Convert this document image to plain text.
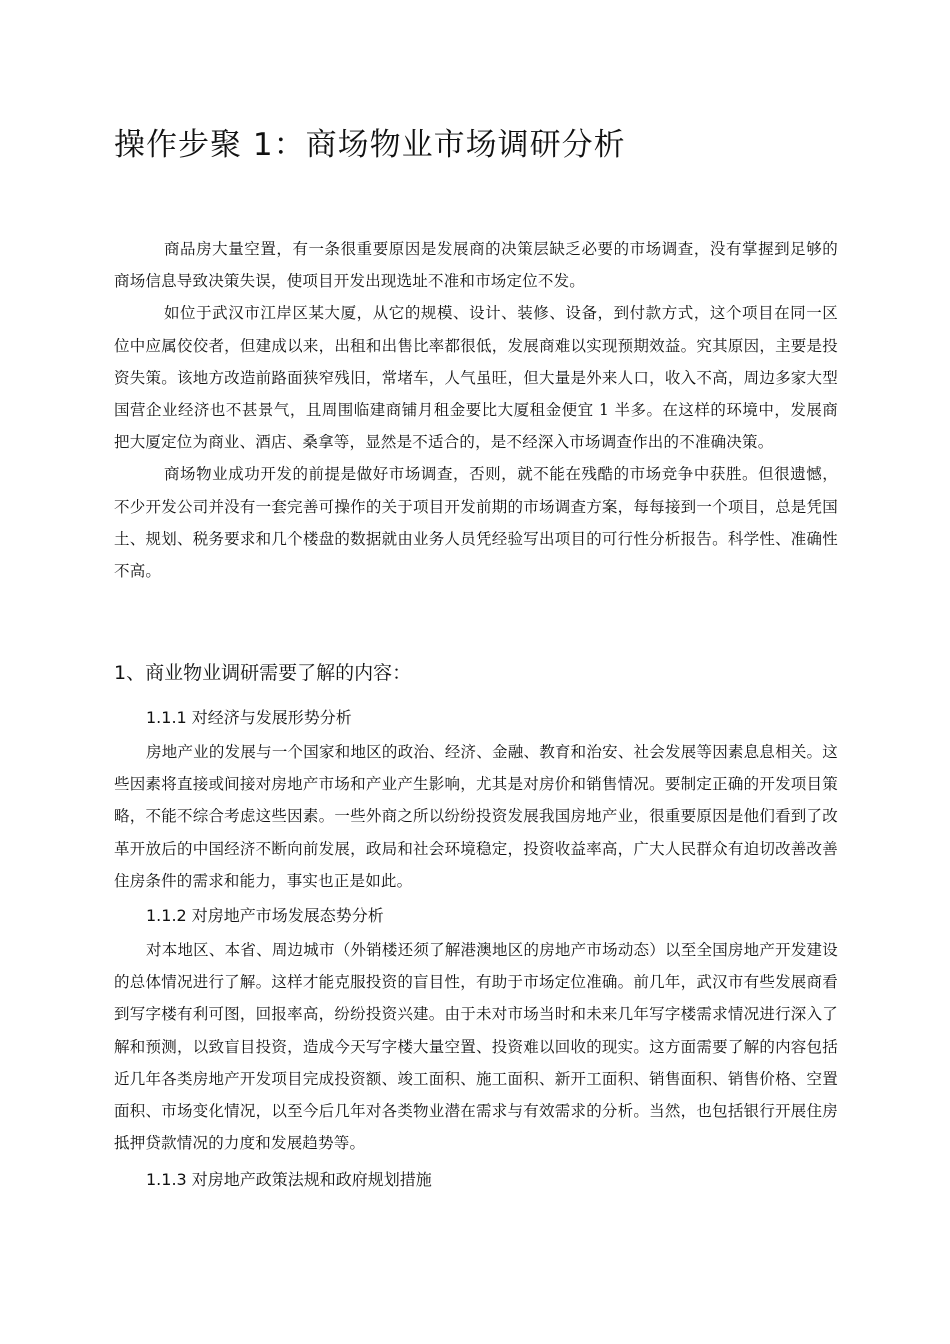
操作步聚 1：商场物业市场调研分析

商品房大量空置，有一条很重要原因是发展商的决策层缺乏必要的市场调查，没有掌握到足够的商场信息导致决策失误，使项目开发出现选址不准和市场定位不发。

如位于武汉市江岸区某大厦，从它的规模、设计、装修、设备，到付款方式，这个项目在同一区位中应属佼佼者，但建成以来，出租和出售比率都很低，发展商难以实现预期效益。究其原因，主要是投资失策。该地方改造前路面狭窄残旧，常堵车，人气虽旺，但大量是外来人口，收入不高，周边多家大型国营企业经济也不甚景气，且周围临建商铺月租金要比大厦租金便宜 1 半多。在这样的环境中，发展商把大厦定位为商业、酒店、桑拿等，显然是不适合的，是不经深入市场调查作出的不准确决策。

商场物业成功开发的前提是做好市场调查，否则，就不能在残酷的市场竞争中获胜。但很遗憾，不少开发公司并没有一套完善可操作的关于项目开发前期的市场调查方案，每每接到一个项目，总是凭国土、规划、税务要求和几个楼盘的数据就由业务人员凭经验写出项目的可行性分析报告。科学性、准确性不高。

1、商业物业调研需要了解的内容：
1.1.1 对经济与发展形势分析

房地产业的发展与一个国家和地区的政治、经济、金融、教育和治安、社会发展等因素息息相关。这些因素将直接或间接对房地产市场和产业产生影响，尤其是对房价和销售情况。要制定正确的开发项目策略，不能不综合考虑这些因素。一些外商之所以纷纷投资发展我国房地产业，很重要原因是他们看到了改革开放后的中国经济不断向前发展，政局和社会环境稳定，投资收益率高，广大人民群众有迫切改善改善住房条件的需求和能力，事实也正是如此。

1.1.2 对房地产市场发展态势分析

对本地区、本省、周边城市（外销楼还须了解港澳地区的房地产市场动态）以至全国房地产开发建设的总体情况进行了解。这样才能克服投资的盲目性，有助于市场定位准确。前几年，武汉市有些发展商看到写字楼有利可图，回报率高，纷纷投资兴建。由于未对市场当时和未来几年写字楼需求情况进行深入了解和预测，以致盲目投资，造成今天写字楼大量空置、投资难以回收的现实。这方面需要了解的内容包括近几年各类房地产开发项目完成投资额、竣工面积、施工面积、新开工面积、销售面积、销售价格、空置面积、市场变化情况，以至今后几年对各类物业潜在需求与有效需求的分析。当然，也包括银行开展住房抵押贷款情况的力度和发展趋势等。

1.1.3 对房地产政策法规和政府规划措施
